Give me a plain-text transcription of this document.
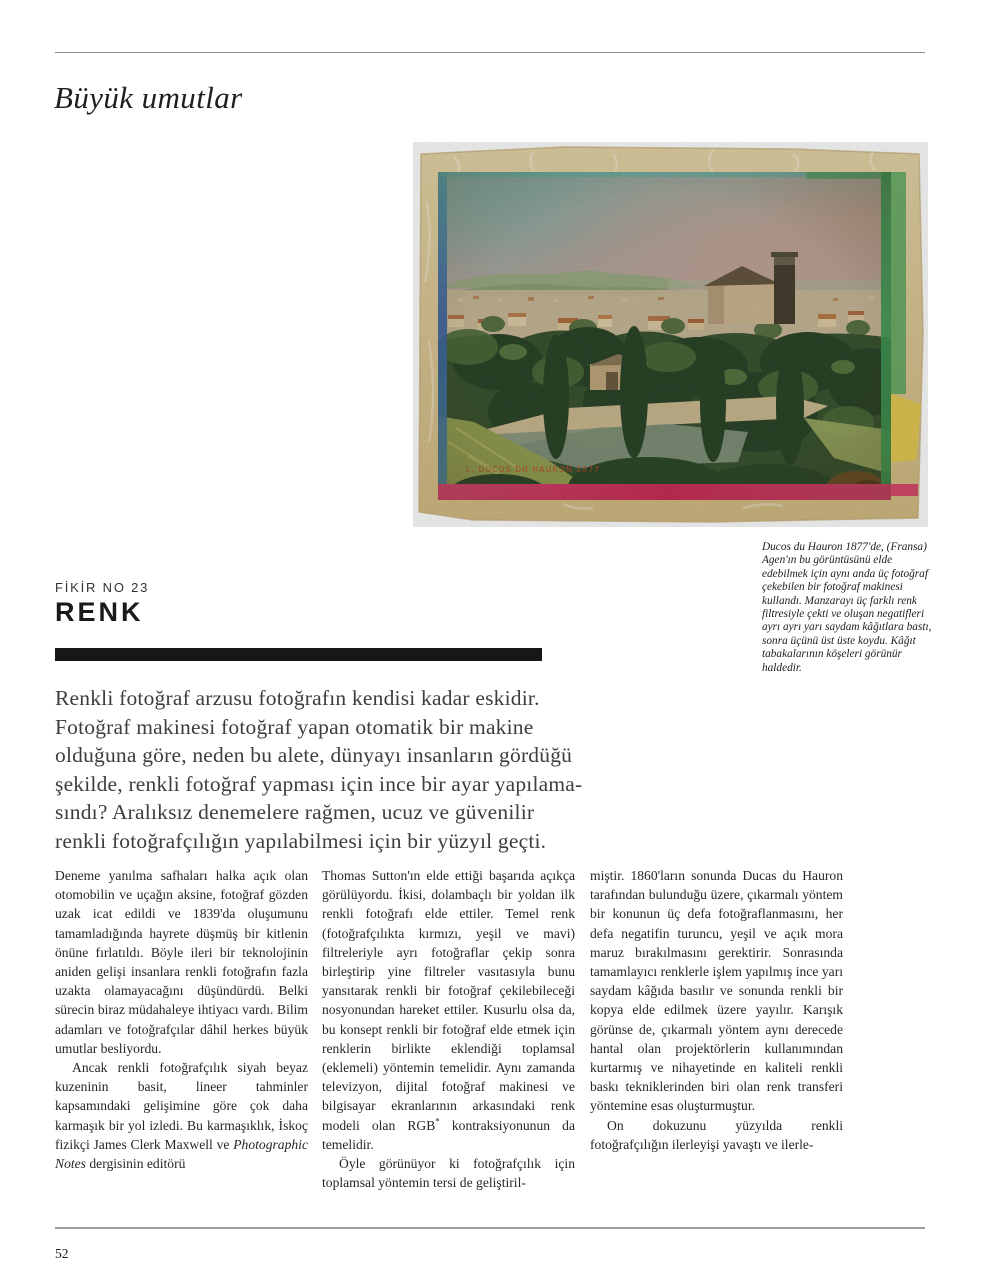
Büyük umutlar

Ducos du Hauron 1877'de, (Fransa) Agen'ın bu görüntüsünü elde edebilmek için aynı anda üç fotoğraf çekebilen bir fotoğraf makinesi kullandı. Manzarayı üç farklı renk filtresiyle çekti ve oluşan negatifleri ayrı ayrı yarı saydam kâğıtlara bastı, sonra üçünü üst üste koydu. Kâğıt tabakalarının köşeleri görünür haldedir.

FİKİR NO 23
RENK
Renkli fotoğraf arzusu fotoğrafın kendisi kadar eskidir.
Fotoğraf makinesi fotoğraf yapan otomatik bir makine
olduğuna göre, neden bu alete, dünyayı insanların gördüğü
şekilde, renkli fotoğraf yapması için ince bir ayar yapılama-
sındı? Aralıksız denemelere rağmen, ucuz ve güvenilir
renkli fotoğrafçılığın yapılabilmesi için bir yüzyıl geçti.

Deneme yanılma safhaları halka açık olan otomobilin ve uçağın aksine, fotoğraf gözden uzak icat edildi ve 1839'da oluşumunu tamamladığında hayrete düşmüş bir kitlenin önüne fırlatıldı. Böyle ileri bir teknolojinin aniden gelişi insanlara renkli fotoğrafın fazla uzakta olamayacağını düşündürdü. Belki sürecin biraz müdahaleye ihtiyacı vardı. Bilim adamları ve fotoğrafçılar dâhil herkes büyük umutlar besliyordu.

Ancak renkli fotoğrafçılık siyah beyaz kuzeninin basit, lineer tahminler kapsamındaki gelişimine göre çok daha karmaşık bir yol izledi. Bu karmaşıklık, İskoç fizikçi James Clerk Maxwell ve Photographic Notes dergisinin editörü

Thomas Sutton'ın elde ettiği başarıda açıkça görülüyordu. İkisi, dolambaçlı bir yoldan ilk renkli fotoğrafı elde ettiler. Temel renk (fotoğrafçılıkta kırmızı, yeşil ve mavi) filtreleriyle ayrı fotoğraflar çekip sonra birleştirip yine filtreler vasıtasıyla bunu yansıtarak renkli bir fotoğraf çekilebileceği nosyonundan hareket ettiler. Kusurlu olsa da, bu konsept renkli bir fotoğraf elde etmek için renklerin birlikte eklendiği toplamsal (eklemeli) yöntemin temelidir. Aynı zamanda televizyon, dijital fotoğraf makinesi ve bilgisayar ekranlarının arkasındaki renk modeli olan RGB* kontraksiyonunun da temelidir.

Öyle görünüyor ki fotoğrafçılık için toplamsal yöntemin tersi de geliştiril-

miştir. 1860'ların sonunda Ducas du Hauron tarafından bulunduğu üzere, çıkarmalı yöntem bir konunun üç defa fotoğraflanmasını, her defa negatifin turuncu, yeşil ve açık mora maruz bırakılmasını gerektirir. Sonrasında tamamlayıcı renklerle işlem yapılmış ince yarı saydam kâğıda basılır ve sonunda renkli bir kopya elde edilmek üzere yayılır. Karışık görünse de, çıkarmalı yöntem aynı derecede hantal olan projektörlerin kullanımından kurtarmış ve nihayetinde en kaliteli renkli baskı tekniklerinden biri olan renk transferi yöntemine esas oluşturmuştur.

On dokuzunu yüzyılda renkli fotoğrafçılığın ilerleyişi yavaştı ve ilerle-

52
